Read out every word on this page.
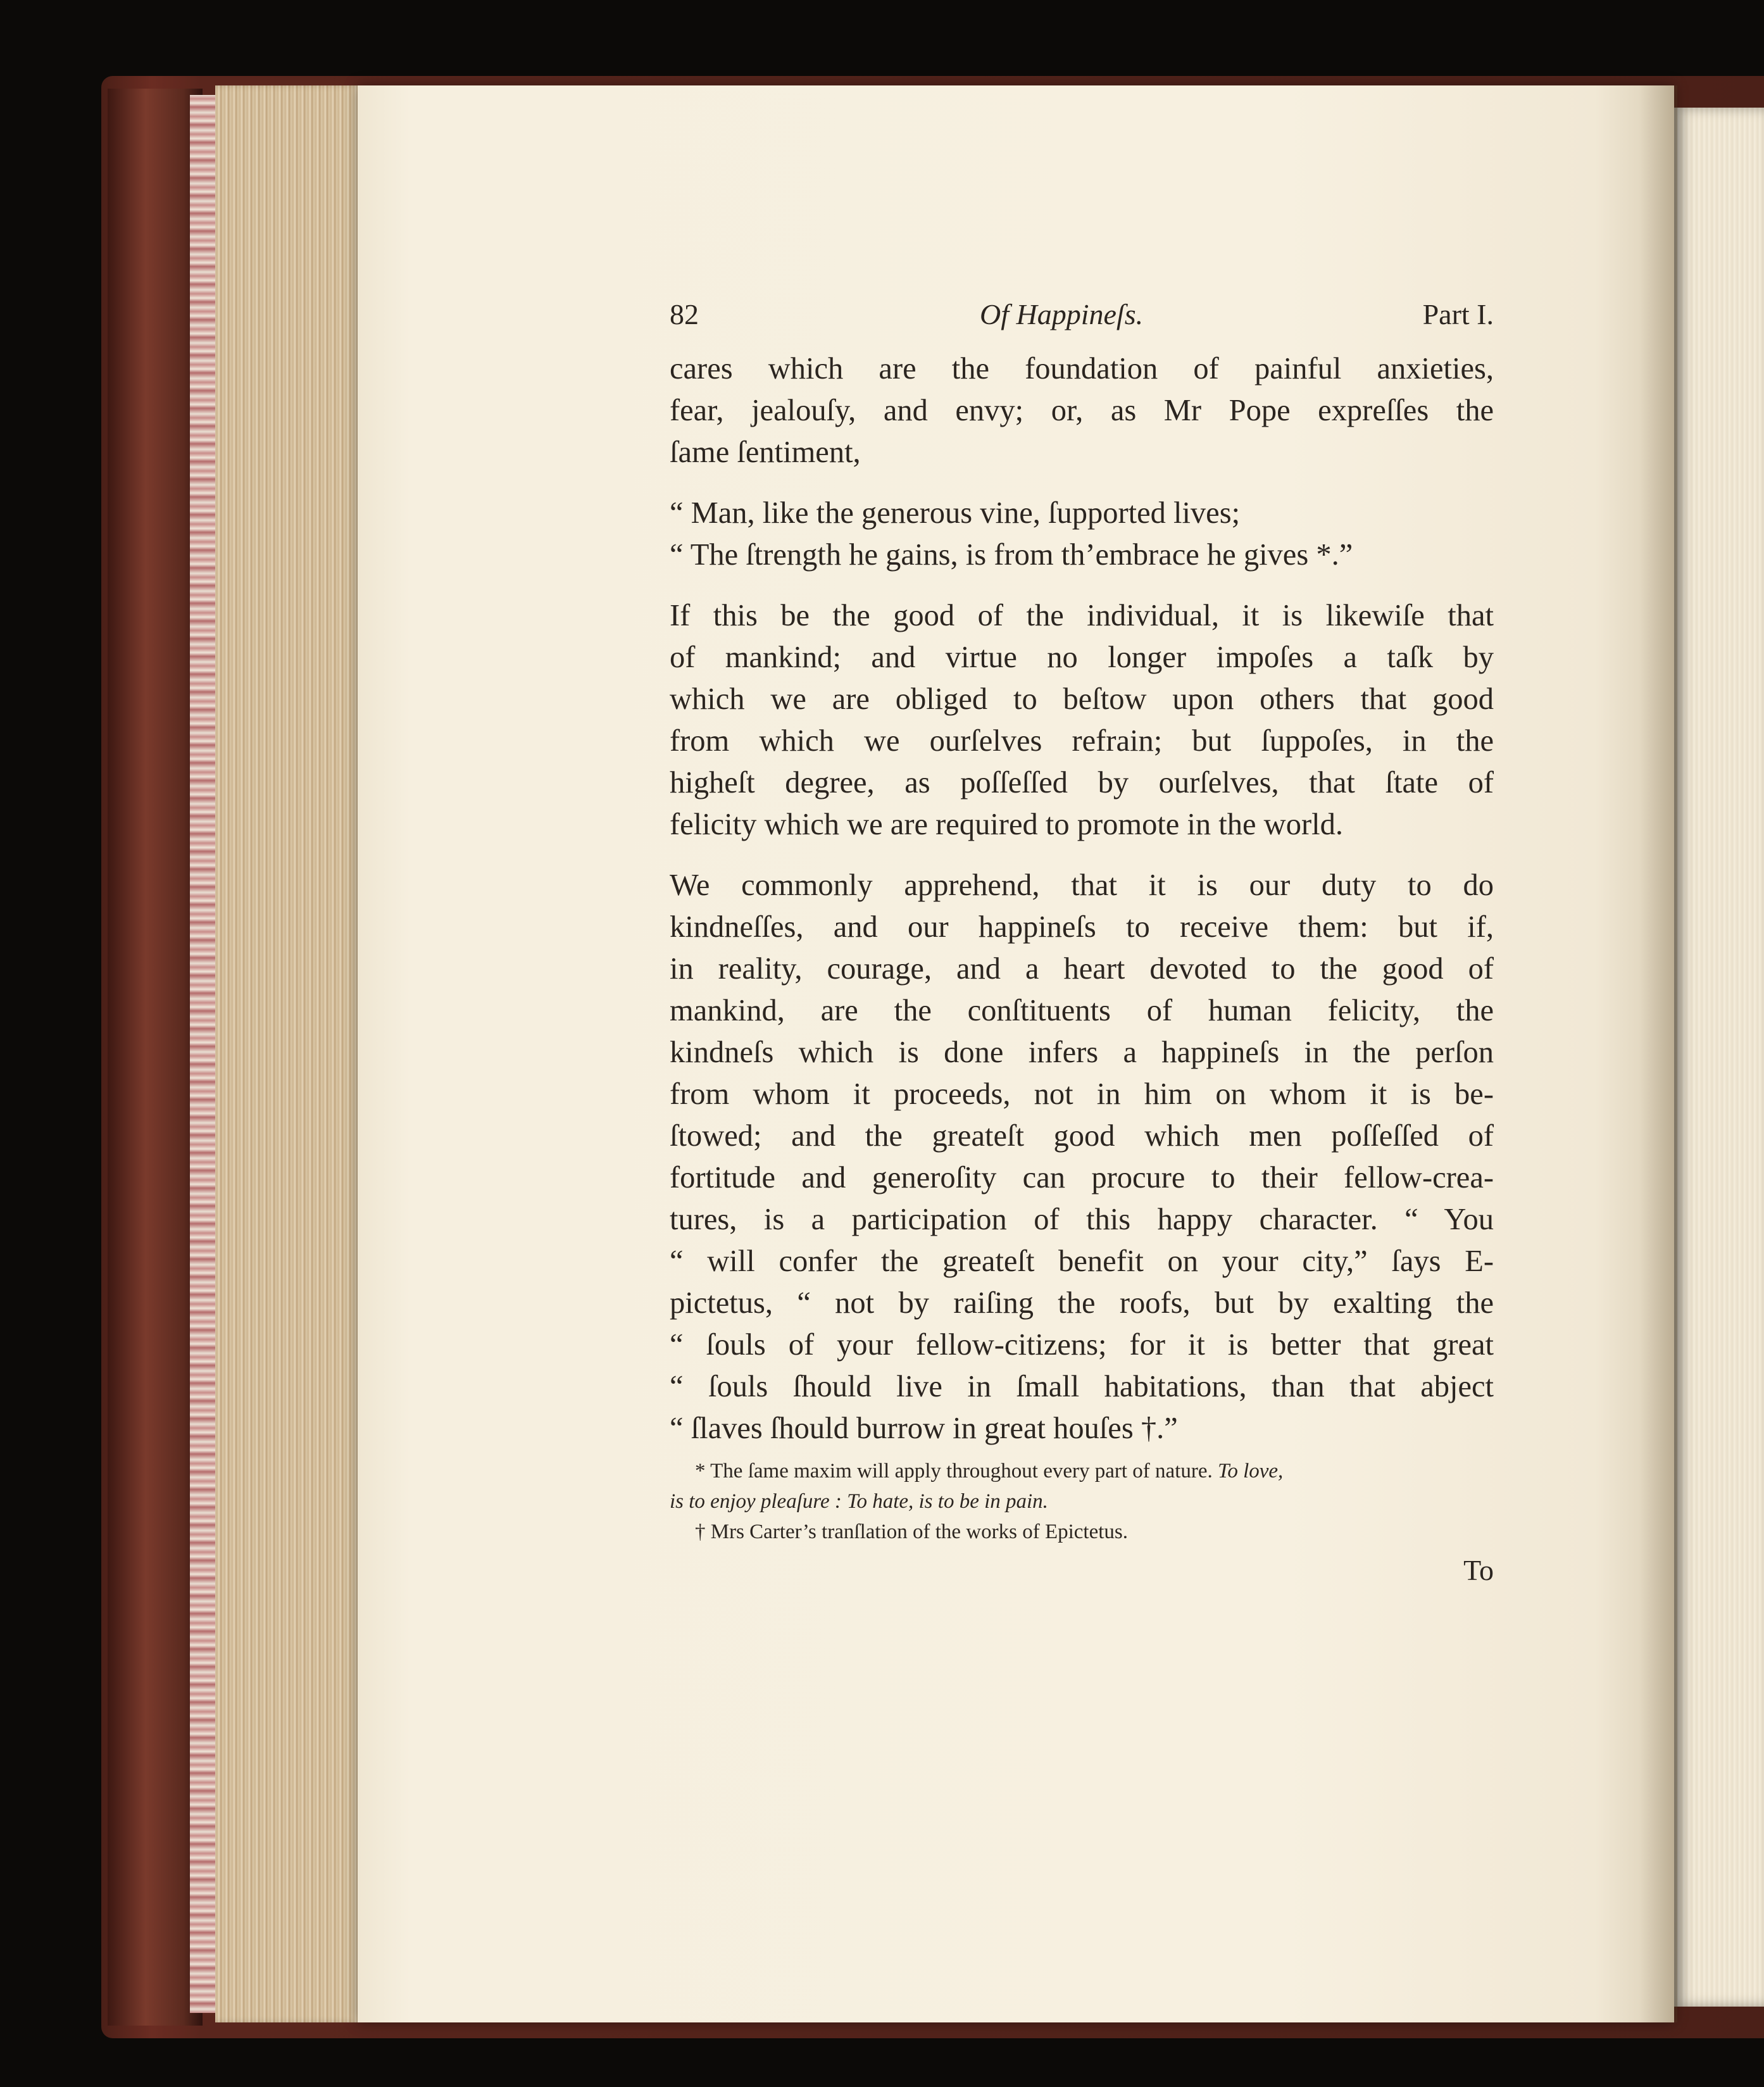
82	Of Happineſs.	Part I.
cares which are the foundation of painful anxieties,
fear, jealouſy, and envy; or, as Mr Pope expreſſes the
ſame ſentiment,
“ Man, like the generous vine, ſupported lives;
“ The ſtrength he gains, is from th’embrace he gives *.”
If this be the good of the individual, it is likewiſe that
of mankind; and virtue no longer impoſes a taſk by
which we are obliged to beſtow upon others that good
from which we ourſelves refrain; but ſuppoſes, in the
higheſt degree, as poſſeſſed by ourſelves, that ſtate of
felicity which we are required to promote in the world.
We commonly apprehend, that it is our duty to do
kindneſſes, and our happineſs to receive them: but if,
in reality, courage, and a heart devoted to the good of
mankind, are the conſtituents of human felicity, the
kindneſs which is done infers a happineſs in the perſon
from whom it proceeds, not in him on whom it is be-
ſtowed; and the greateſt good which men poſſeſſed of
fortitude and generoſity can procure to their fellow-crea-
tures, is a participation of this happy character. “ You
“ will confer the greateſt benefit on your city,” ſays E-
pictetus, “ not by raiſing the roofs, but by exalting the
“ ſouls of your fellow-citizens; for it is better that great
“ ſouls ſhould live in ſmall habitations, than that abject
“ ſlaves ſhould burrow in great houſes †.”
* The ſame maxim will apply throughout every part of nature. To love,
is to enjoy pleaſure : To hate, is to be in pain.
† Mrs Carter’s tranſlation of the works of Epictetus.
To
